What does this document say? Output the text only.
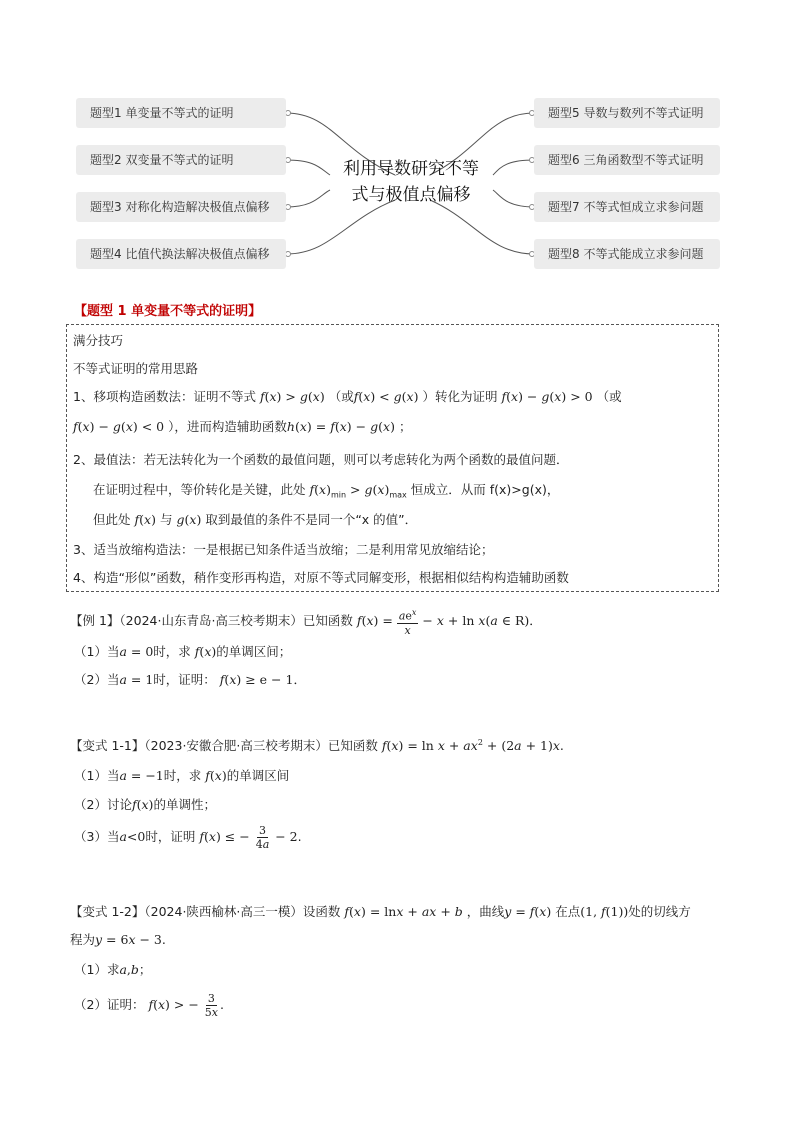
题型1 单变量不等式的证明
题型2 双变量不等式的证明
题型3 对称化构造解决极值点偏移
题型4 比值代换法解决极值点偏移
题型5 导数与数列不等式证明
题型6 三角函数型不等式证明
题型7 不等式恒成立求参问题
题型8 不等式能成立求参问题
利用导数研究不等
式与极值点偏移
【题型 1 单变量不等式的证明】
满分技巧
不等式证明的常用思路
1、移项构造函数法：证明不等式 f(x) > g(x) （或f(x) < g(x) ）转化为证明 f(x) − g(x) > 0 （或
f(x) − g(x) < 0 ），进而构造辅助函数h(x) = f(x) − g(x) ；
2、最值法：若无法转化为一个函数的最值问题，则可以考虑转化为两个函数的最值问题．
在证明过程中，等价转化是关键，此处 $f(x)_{min} > g(x)_{max}$ 恒成立．从而 f(x)>g(x)，
但此处 f(x) 与 g(x) 取到最值的条件不是同一个“x 的值”．
3、适当放缩构造法：一是根据已知条件适当放缩；二是利用常见放缩结论；
4、构造“形似”函数，稍作变形再构造，对原不等式同解变形，根据相似结构构造辅助函数
【例 1】（2024·山东青岛·高三校考期末）已知函数 $f(x) = \frac{ae^x}{x} - x + \ln x(a$ ∈ R)．
（1）当a = 0时，求 f(x)的单调区间；
（2）当a = 1时，证明： f(x) ≥ e − 1．
【变式 1-1】（2023·安徽合肥·高三校考期末）已知函数 $f(x) = \ln x + ax^2 + (2a + 1)x$.
（1）当a = −1时，求 f(x)的单调区间
（2）讨论f(x)的单调性；
（3）当a<0时，证明 f(x) ≤ − $\frac{3}{4a} - 2$.
【变式 1-2】（2024·陕西榆林·高三一模）设函数 f(x) = lnx + ax + b ，曲线y = f(x) 在点(1, f(1))处的切线方
程为y = 6x − 3.
（1）求a,b；
（2）证明： f(x) > − $\frac{3}{5x}$ .
